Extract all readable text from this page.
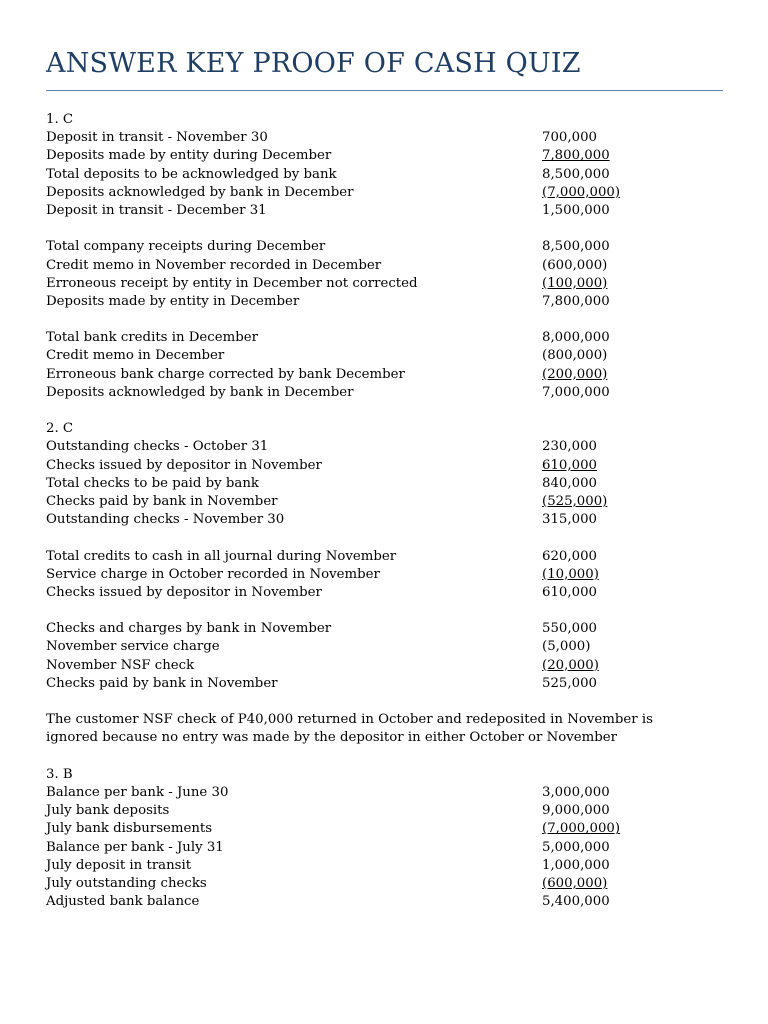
ANSWER KEY PROOF OF CASH QUIZ
1. C
Deposit in transit - November 30	700,000
Deposits made by entity during December	7,800,000
Total deposits to be acknowledged by bank	8,500,000
Deposits acknowledged by bank in December	(7,000,000)
Deposit in transit - December 31	1,500,000
Total company receipts during December	8,500,000
Credit memo in November recorded in December	(600,000)
Erroneous receipt by entity in December not corrected	(100,000)
Deposits made by entity in December	7,800,000
Total bank credits in December	8,000,000
Credit memo in December	(800,000)
Erroneous bank charge corrected by bank December	(200,000)
Deposits acknowledged by bank in December	7,000,000
2. C
Outstanding checks - October 31	230,000
Checks issued by depositor in November	610,000
Total checks to be paid by bank	840,000
Checks paid by bank in November	(525,000)
Outstanding checks - November 30	315,000
Total credits to cash in all journal during November	620,000
Service charge in October recorded in November	(10,000)
Checks issued by depositor in November	610,000
Checks and charges by bank in November	550,000
November service charge	(5,000)
November NSF check	(20,000)
Checks paid by bank in November	525,000
The customer NSF check of P40,000 returned in October and redeposited in November is ignored because no entry was made by the depositor in either October or November
3. B
Balance per bank - June 30	3,000,000
July bank deposits	9,000,000
July bank disbursements	(7,000,000)
Balance per bank - July 31	5,000,000
July deposit in transit	1,000,000
July outstanding checks	(600,000)
Adjusted bank balance	5,400,000
